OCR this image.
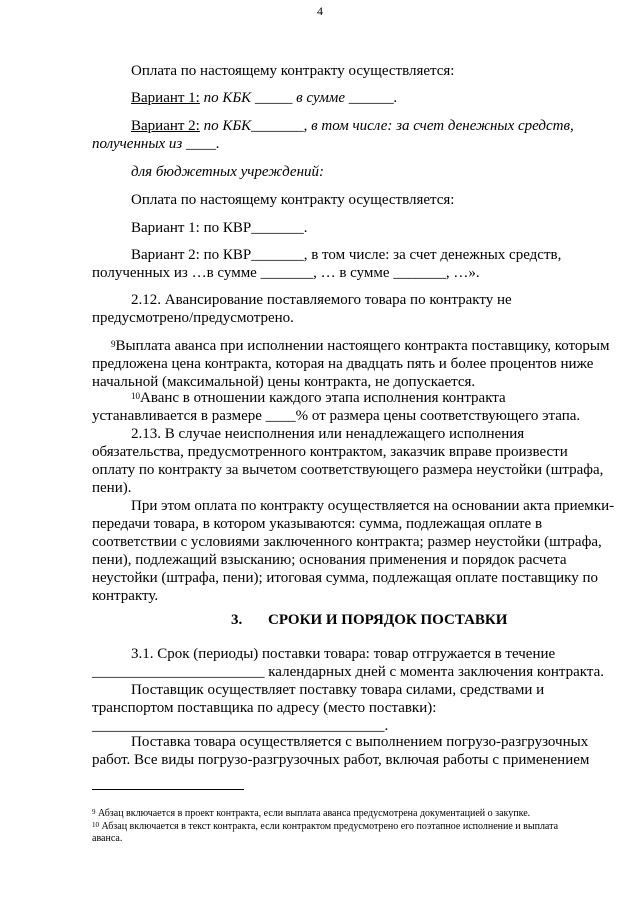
4
Оплата по настоящему контракту осуществляется:
Вариант 1: по КБК _____ в сумме ______.
Вариант 2: по КБК_______, в том числе: за счет денежных средств,
полученных из ____.
для бюджетных учреждений:
Оплата по настоящему контракту осуществляется:
Вариант 1: по КВР_______.
Вариант 2: по КВР_______, в том числе: за счет денежных средств,
полученных из …в сумме _______, … в сумме _______, …».
2.12. Авансирование поставляемого товара по контракту не
предусмотрено/предусмотрено.
$^9$Выплата аванса при исполнении настоящего контракта поставщику, которым
предложена цена контракта, которая на двадцать пять и более процентов ниже
начальной (максимальной) цены контракта, не допускается.
$^{10}$Аванс в отношении каждого этапа исполнения контракта
устанавливается в размере ____% от размера цены соответствующего этапа.
2.13. В случае неисполнения или ненадлежащего исполнения
обязательства, предусмотренного контрактом, заказчик вправе произвести
оплату по контракту за вычетом соответствующего размера неустойки (штрафа,
пени).
При этом оплата по контракту осуществляется на основании акта приемки-
передачи товара, в котором указываются: сумма, подлежащая оплате в
соответствии с условиями заключенного контракта; размер неустойки (штрафа,
пени), подлежащий взысканию; основания применения и порядок расчета
неустойки (штрафа, пени); итоговая сумма, подлежащая оплате поставщику по
контракту.
3. СРОКИ И ПОРЯДОК ПОСТАВКИ
3.1. Срок (периоды) поставки товара: товар отгружается в течение
_______________________ календарных дней с момента заключения контракта.
Поставщик осуществляет поставку товара силами, средствами и
транспортом поставщика по адресу (место поставки):
_______________________________________.
Поставка товара осуществляется с выполнением погрузо-разгрузочных
работ. Все виды погрузо-разгрузочных работ, включая работы с применением
$^9$ Абзац включается в проект контракта, если выплата аванса предусмотрена документацией о закупке.
$^{10}$ Абзац включается в текст контракта, если контрактом предусмотрено его поэтапное исполнение и выплата
аванса.
